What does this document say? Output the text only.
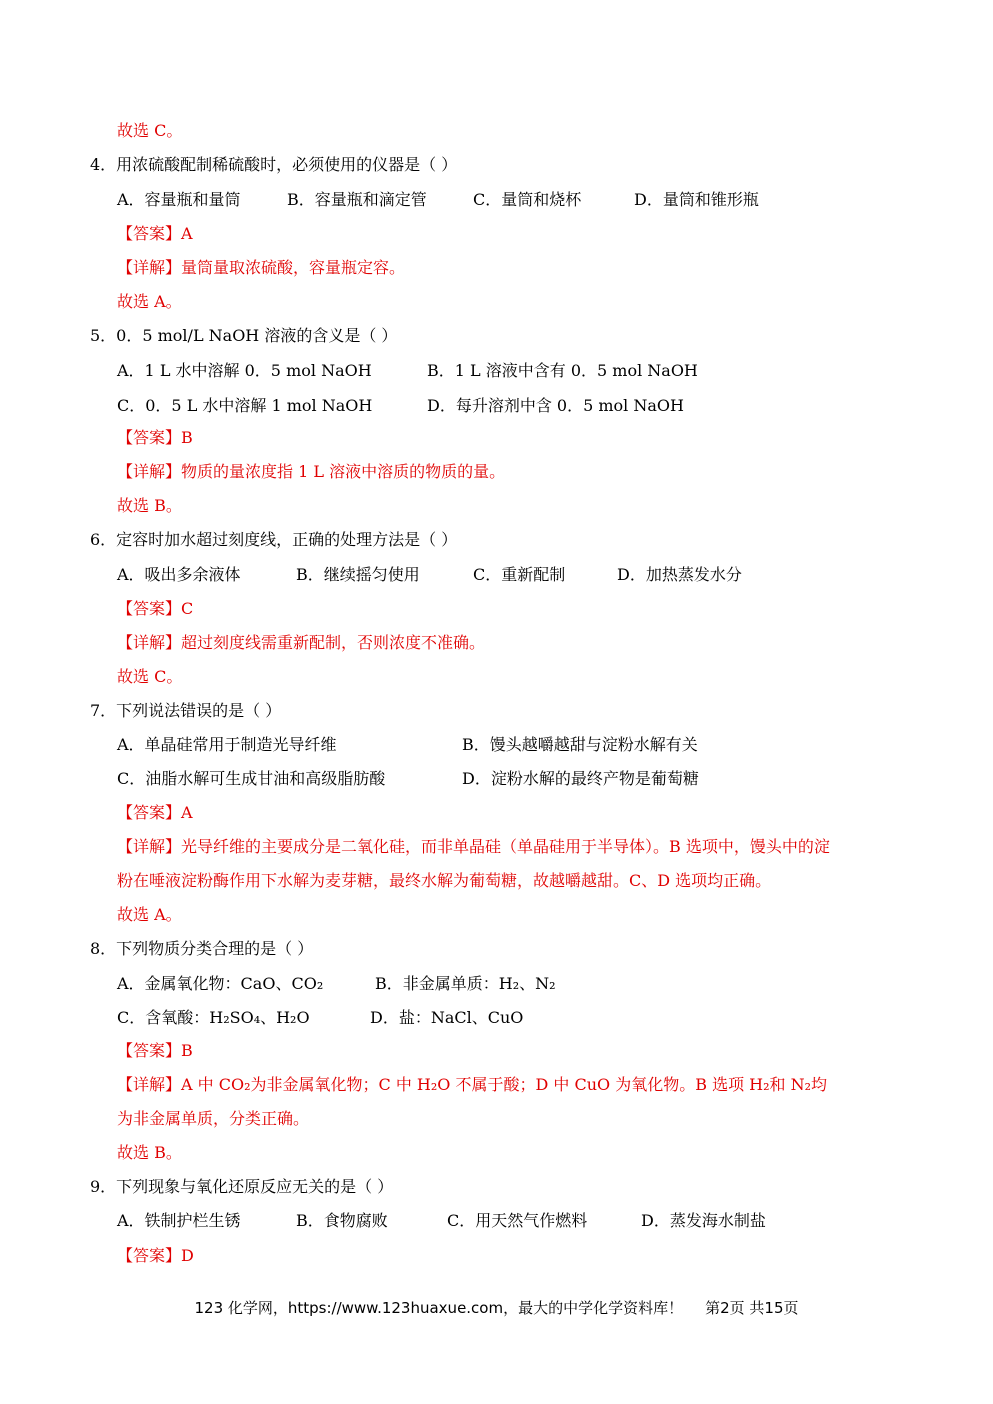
故选 C。
4．用浓硫酸配制稀硫酸时，必须使用的仪器是（ ）
A．容量瓶和量筒	B．容量瓶和滴定管	C．量筒和烧杯	D．量筒和锥形瓶
【答案】A
【详解】量筒量取浓硫酸，容量瓶定容。
故选 A。
5．0．5 mol/L NaOH 溶液的含义是（ ）
A．1 L 水中溶解 0．5 mol NaOH	B．1 L 溶液中含有 0．5 mol NaOH
C．0．5 L 水中溶解 1 mol NaOH	D．每升溶剂中含 0．5 mol NaOH
【答案】B
【详解】物质的量浓度指 1 L 溶液中溶质的物质的量。
故选 B。
6．定容时加水超过刻度线，正确的处理方法是（ ）
A．吸出多余液体	B．继续摇匀使用	C．重新配制	D．加热蒸发水分
【答案】C
【详解】超过刻度线需重新配制，否则浓度不准确。
故选 C。
7．下列说法错误的是（ ）
A．单晶硅常用于制造光导纤维	B．馒头越嚼越甜与淀粉水解有关
C．油脂水解可生成甘油和高级脂肪酸	D．淀粉水解的最终产物是葡萄糖
【答案】A
【详解】光导纤维的主要成分是二氧化硅，而非单晶硅（单晶硅用于半导体）。B 选项中，馒头中的淀
粉在唾液淀粉酶作用下水解为麦芽糖，最终水解为葡萄糖，故越嚼越甜。C、D 选项均正确。
故选 A。
8．下列物质分类合理的是（ ）
A．金属氧化物：CaO、CO₂	B．非金属单质：H₂、N₂
C．含氧酸：H₂SO₄、H₂O	D．盐：NaCl、CuO
【答案】B
【详解】A 中 CO₂为非金属氧化物；C 中 H₂O 不属于酸；D 中 CuO 为氧化物。B 选项 H₂和 N₂均
为非金属单质，分类正确。
故选 B。
9．下列现象与氧化还原反应无关的是（ ）
A．铁制护栏生锈	B．食物腐败	C．用天然气作燃料	D．蒸发海水制盐
【答案】D
123 化学网，https://www.123huaxue.com，最大的中学化学资料库！ 第2页 共15页
